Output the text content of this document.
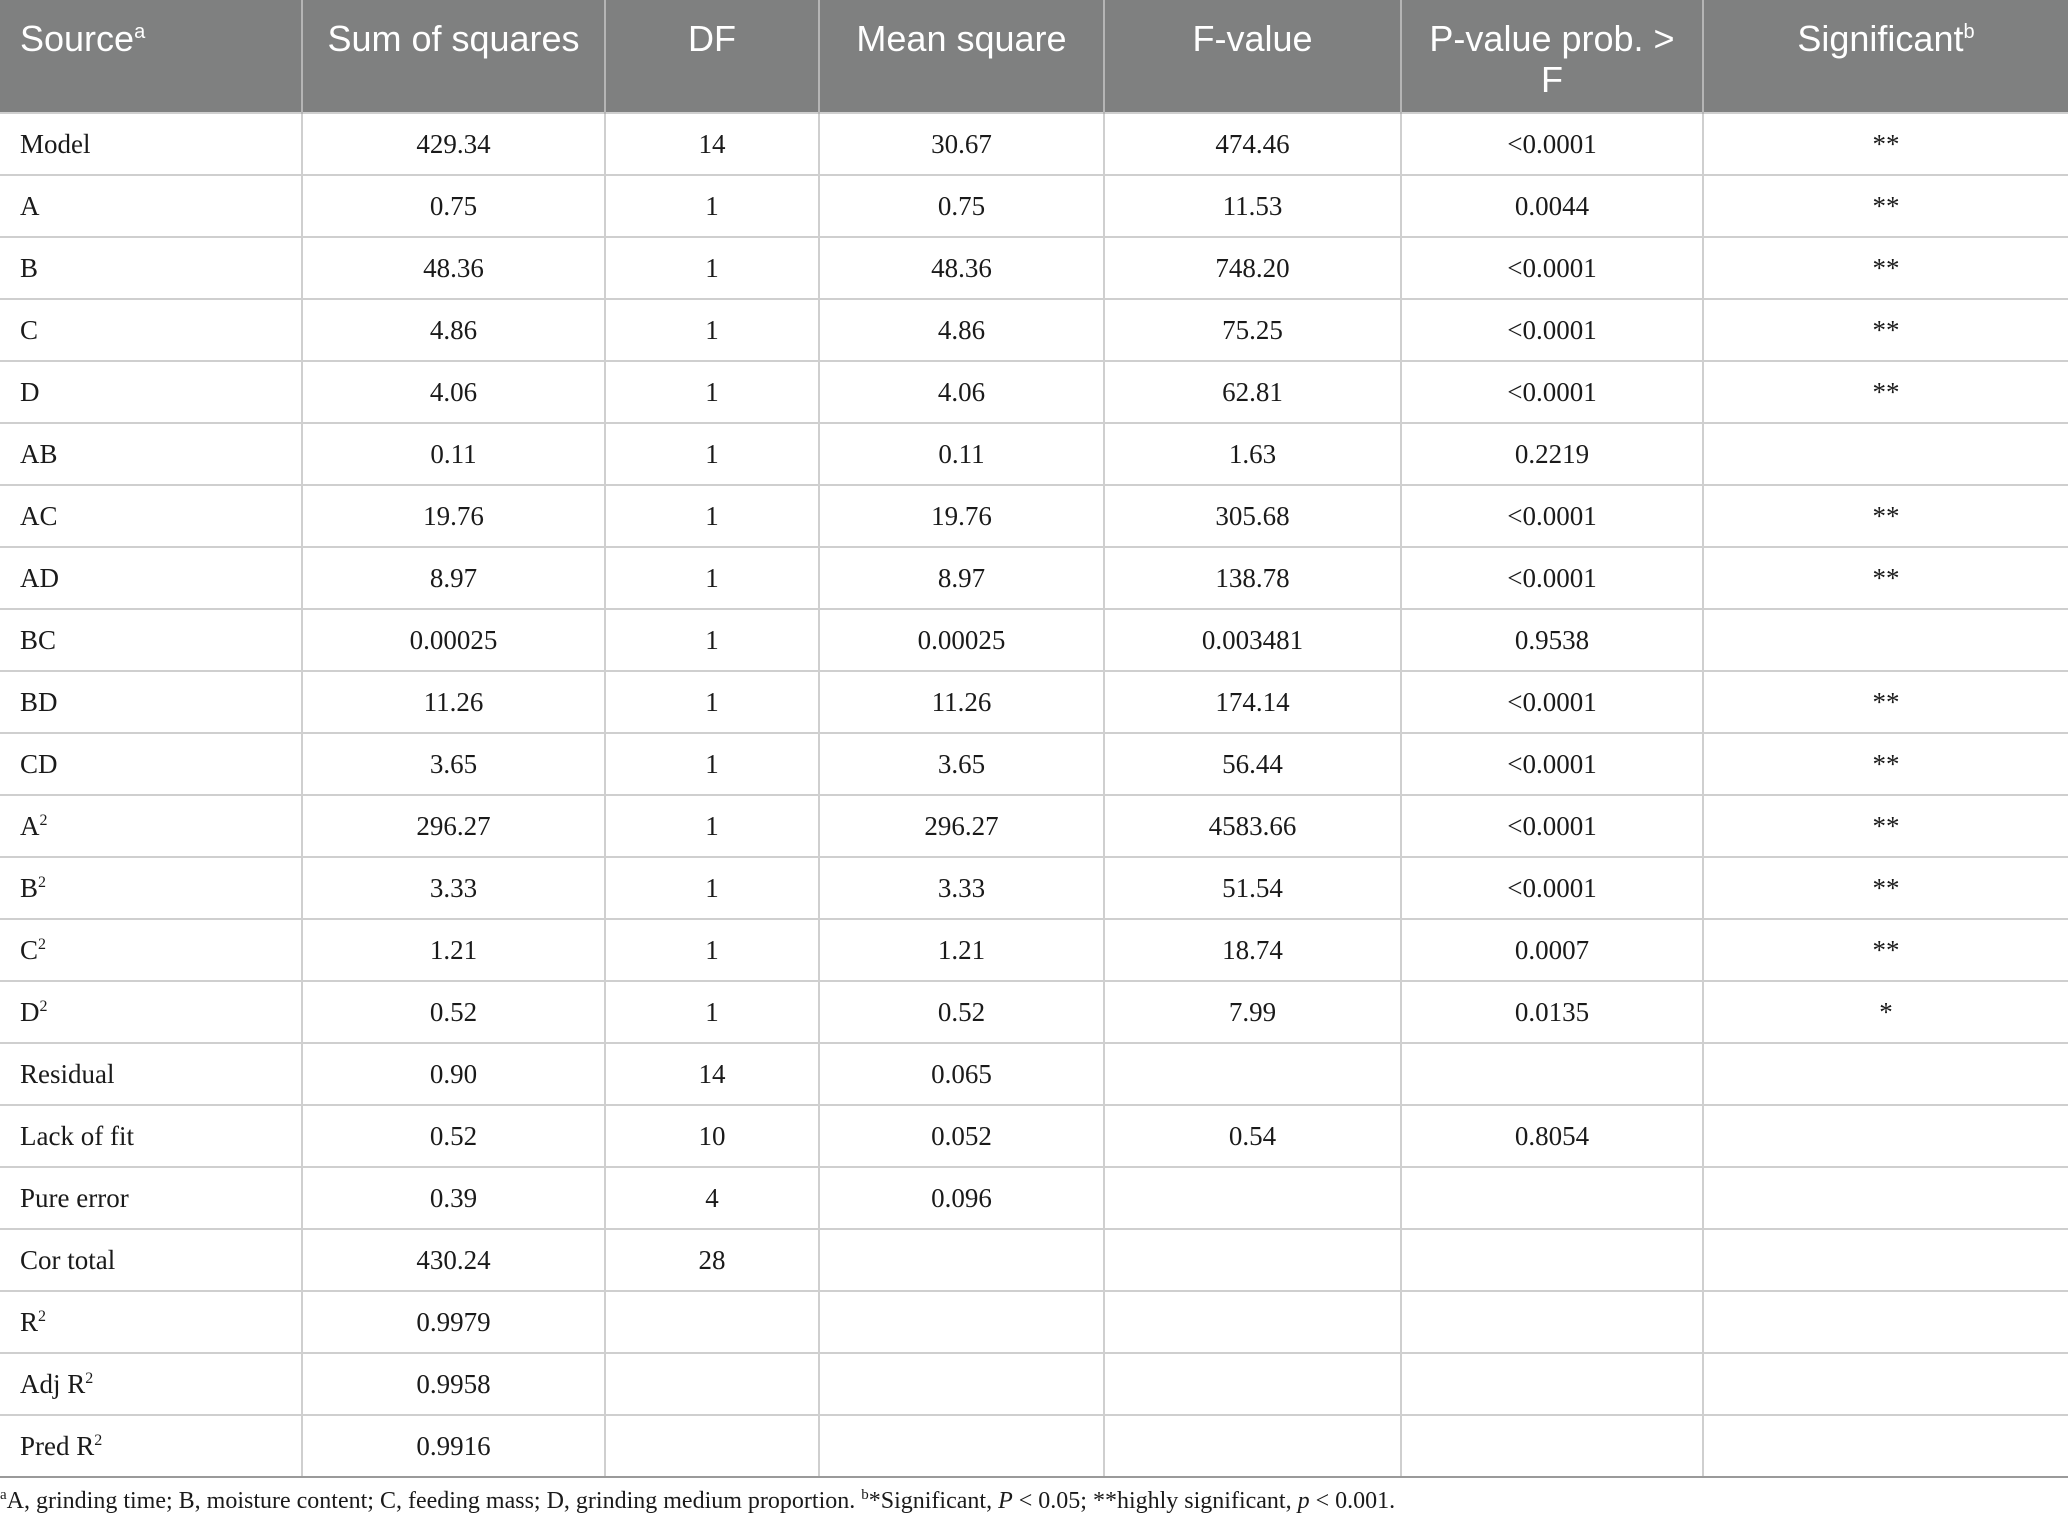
Source$^a$	Sum of squares	DF	Mean square	F-value	P-value prob. > F	Significant$^b$
Model	429.34	14	30.67	474.46	<0.0001	**
A	0.75	1	0.75	11.53	0.0044	**
B	48.36	1	48.36	748.20	<0.0001	**
C	4.86	1	4.86	75.25	<0.0001	**
D	4.06	1	4.06	62.81	<0.0001	**
AB	0.11	1	0.11	1.63	0.2219	
AC	19.76	1	19.76	305.68	<0.0001	**
AD	8.97	1	8.97	138.78	<0.0001	**
BC	0.00025	1	0.00025	0.003481	0.9538	
BD	11.26	1	11.26	174.14	<0.0001	**
CD	3.65	1	3.65	56.44	<0.0001	**
$A^2$	296.27	1	296.27	4583.66	<0.0001	**
$B^2$	3.33	1	3.33	51.54	<0.0001	**
$C^2$	1.21	1	1.21	18.74	0.0007	**
$D^2$	0.52	1	0.52	7.99	0.0135	*
Residual	0.90	14	0.065			
Lack of fit	0.52	10	0.052	0.54	0.8054	
Pure error	0.39	4	0.096			
Cor total	430.24	28				
$R^2$	0.9979					
Adj $R^2$	0.9958					
Pred $R^2$	0.9916					
$^a$A, grinding time; B, moisture content; C, feeding mass; D, grinding medium proportion. $^b$*Significant, P < 0.05; **highly significant, p < 0.001.
